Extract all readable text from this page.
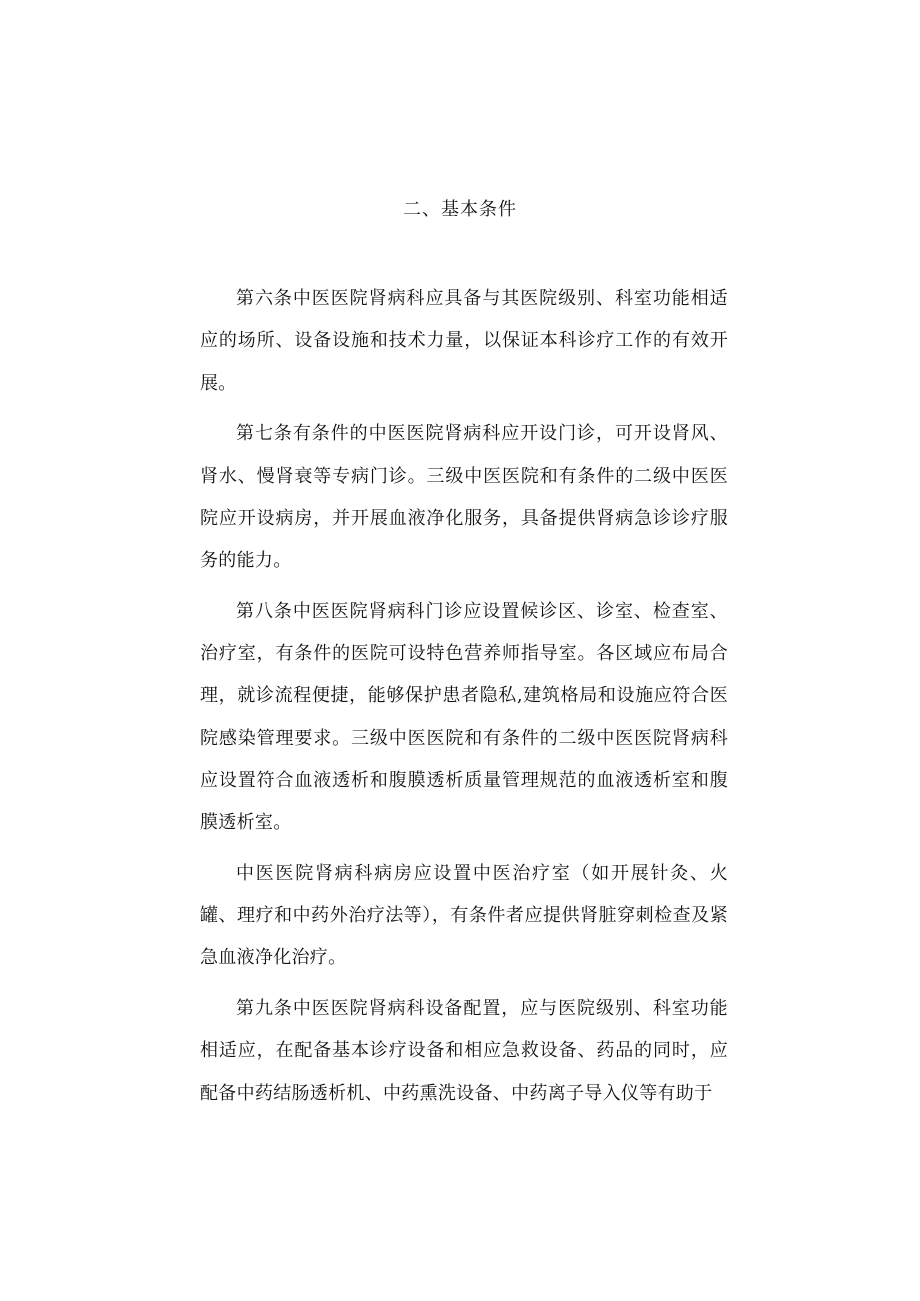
二、基本条件

第六条中医医院肾病科应具备与其医院级别、科室功能相适应的场所、设备设施和技术力量，以保证本科诊疗工作的有效开展。

第七条有条件的中医医院肾病科应开设门诊，可开设肾风、肾水、慢肾衰等专病门诊。三级中医医院和有条件的二级中医医院应开设病房，并开展血液净化服务，具备提供肾病急诊诊疗服务的能力。

第八条中医医院肾病科门诊应设置候诊区、诊室、检查室、治疗室，有条件的医院可设特色营养师指导室。各区域应布局合理，就诊流程便捷，能够保护患者隐私,建筑格局和设施应符合医院感染管理要求。三级中医医院和有条件的二级中医医院肾病科应设置符合血液透析和腹膜透析质量管理规范的血液透析室和腹膜透析室。

中医医院肾病科病房应设置中医治疗室（如开展针灸、火罐、理疗和中药外治疗法等），有条件者应提供肾脏穿刺检查及紧急血液净化治疗。

第九条中医医院肾病科设备配置，应与医院级别、科室功能相适应，在配备基本诊疗设备和相应急救设备、药品的同时，应配备中药结肠透析机、中药熏洗设备、中药离子导入仪等有助于
